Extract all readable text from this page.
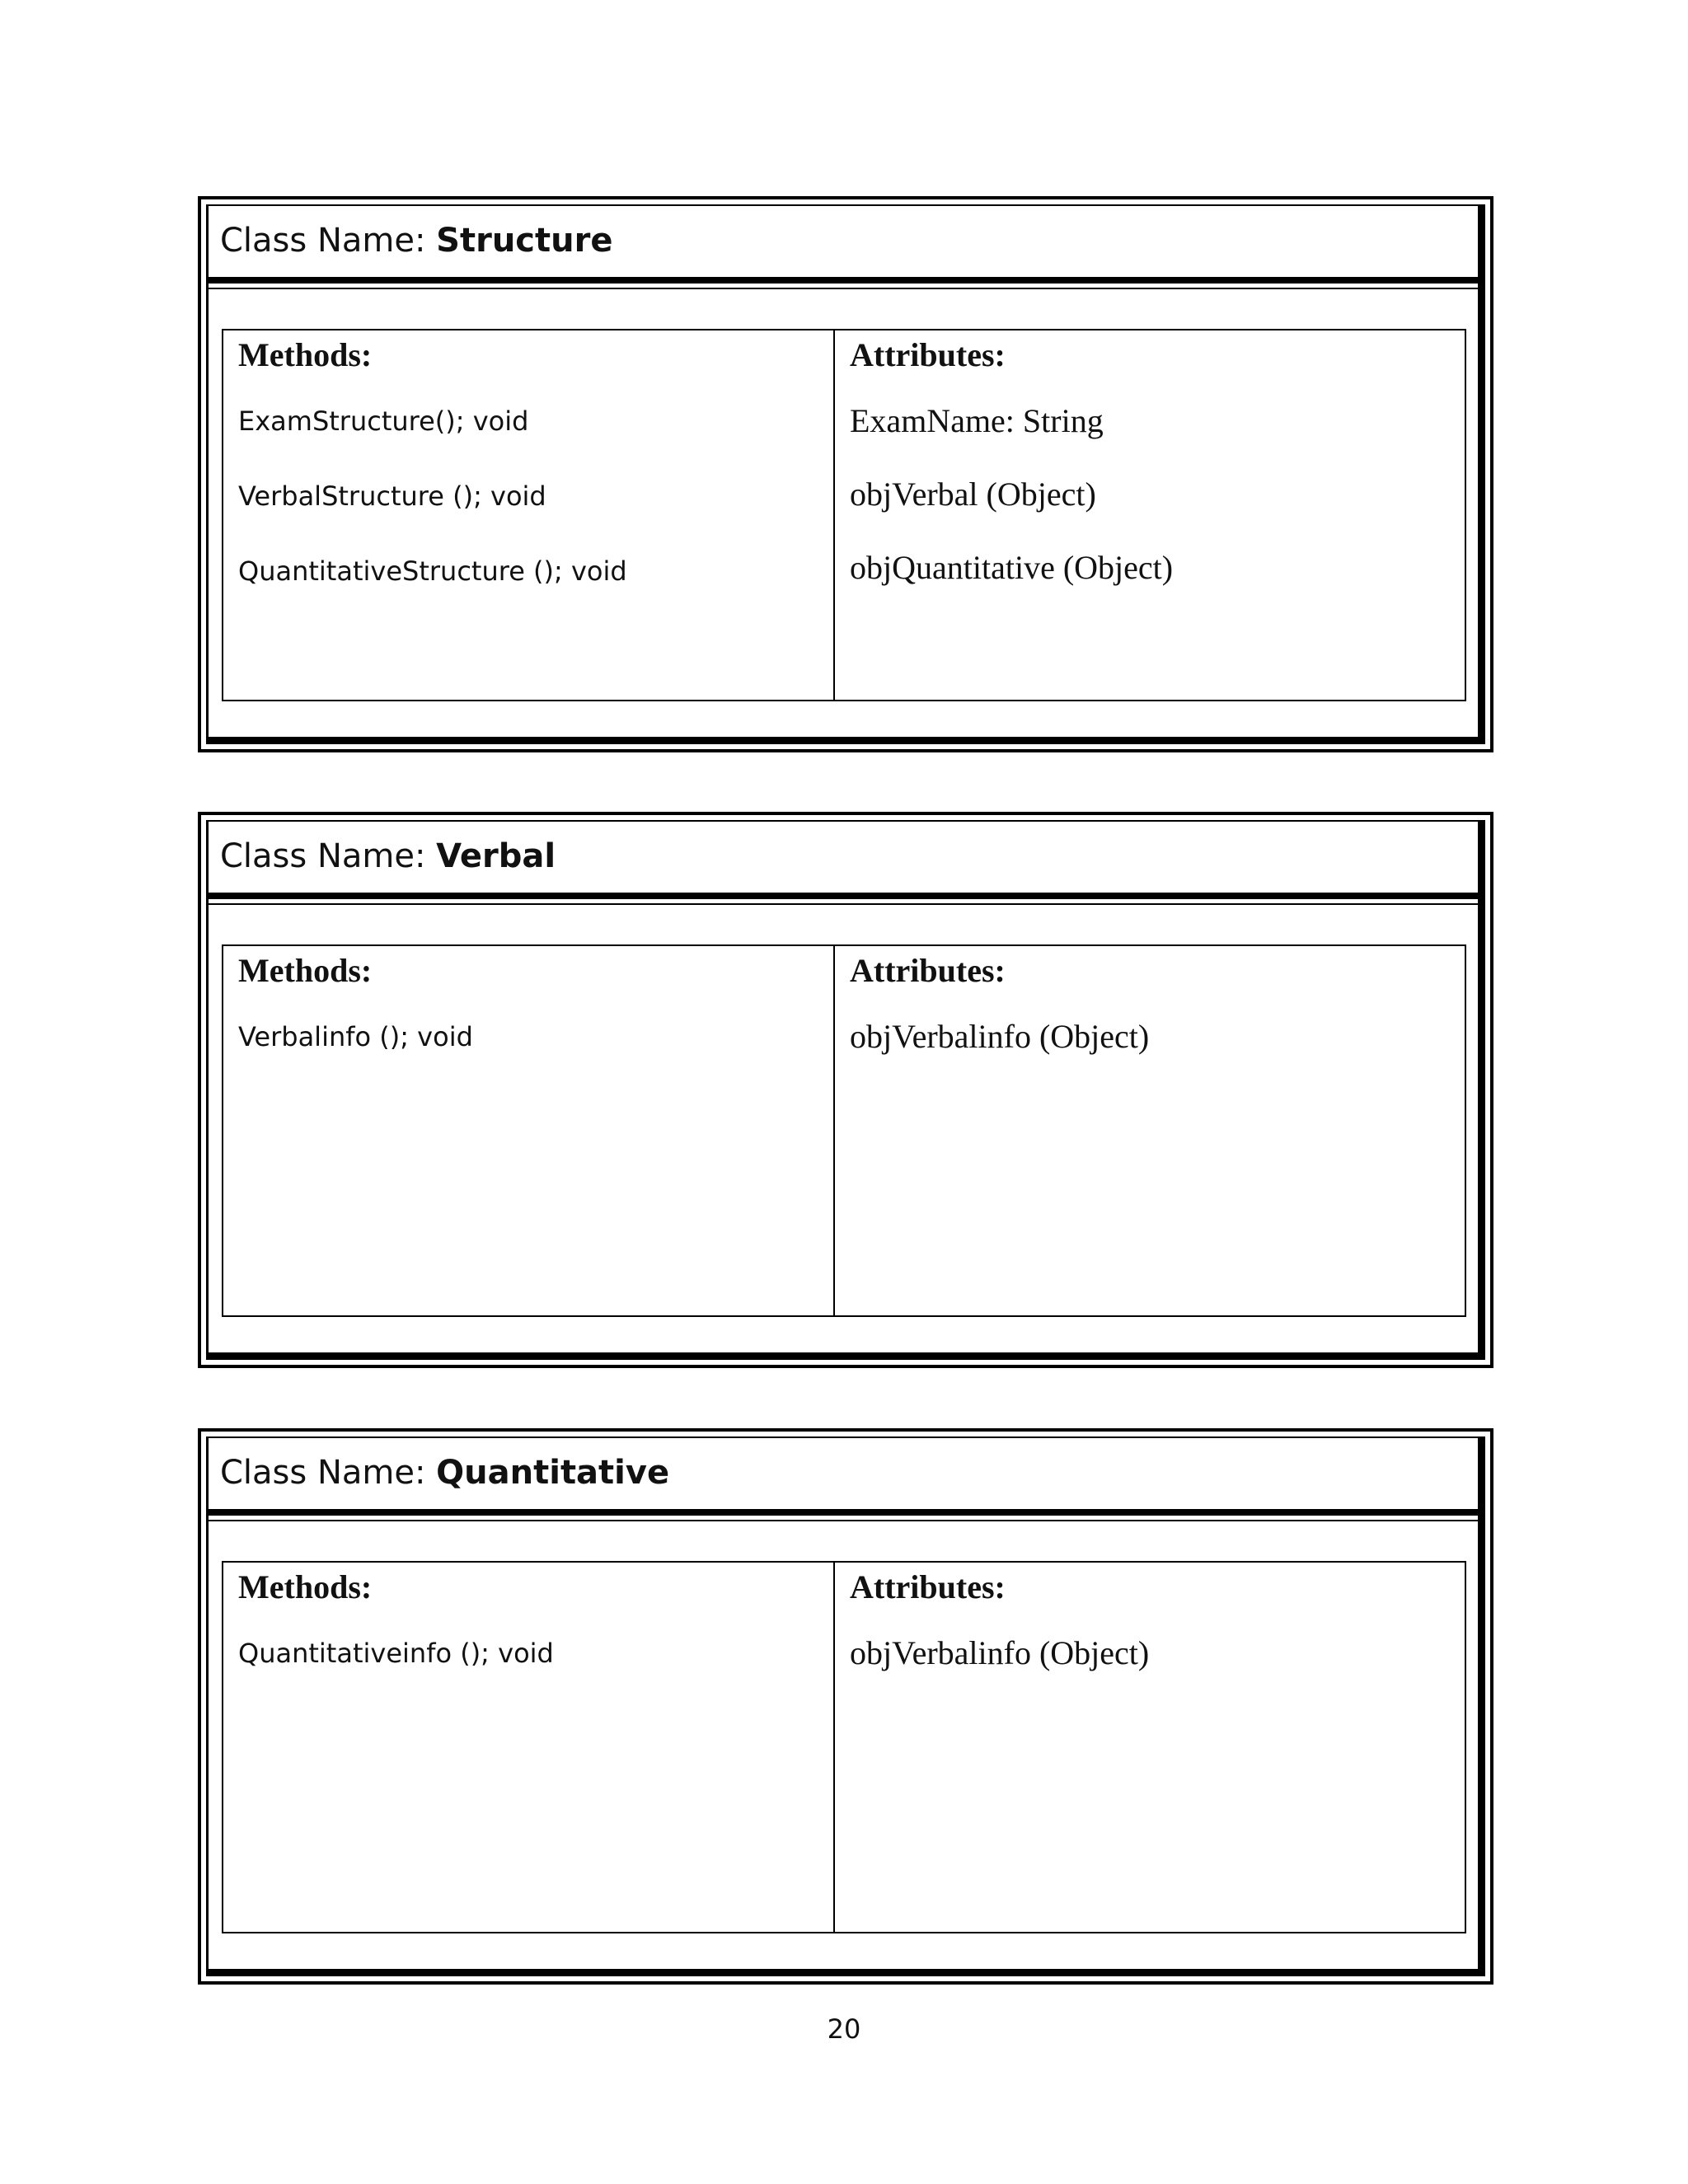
Class Name: Structure
Methods:
ExamStructure(); void
VerbalStructure (); void
QuantitativeStructure (); void
Attributes:
ExamName: String
objVerbal (Object)
objQuantitative (Object)
Class Name: Verbal
Methods:
Verbalinfo (); void
Attributes:
objVerbalinfo (Object)
Class Name: Quantitative
Methods:
Quantitativeinfo (); void
Attributes:
objVerbalinfo (Object)
20
